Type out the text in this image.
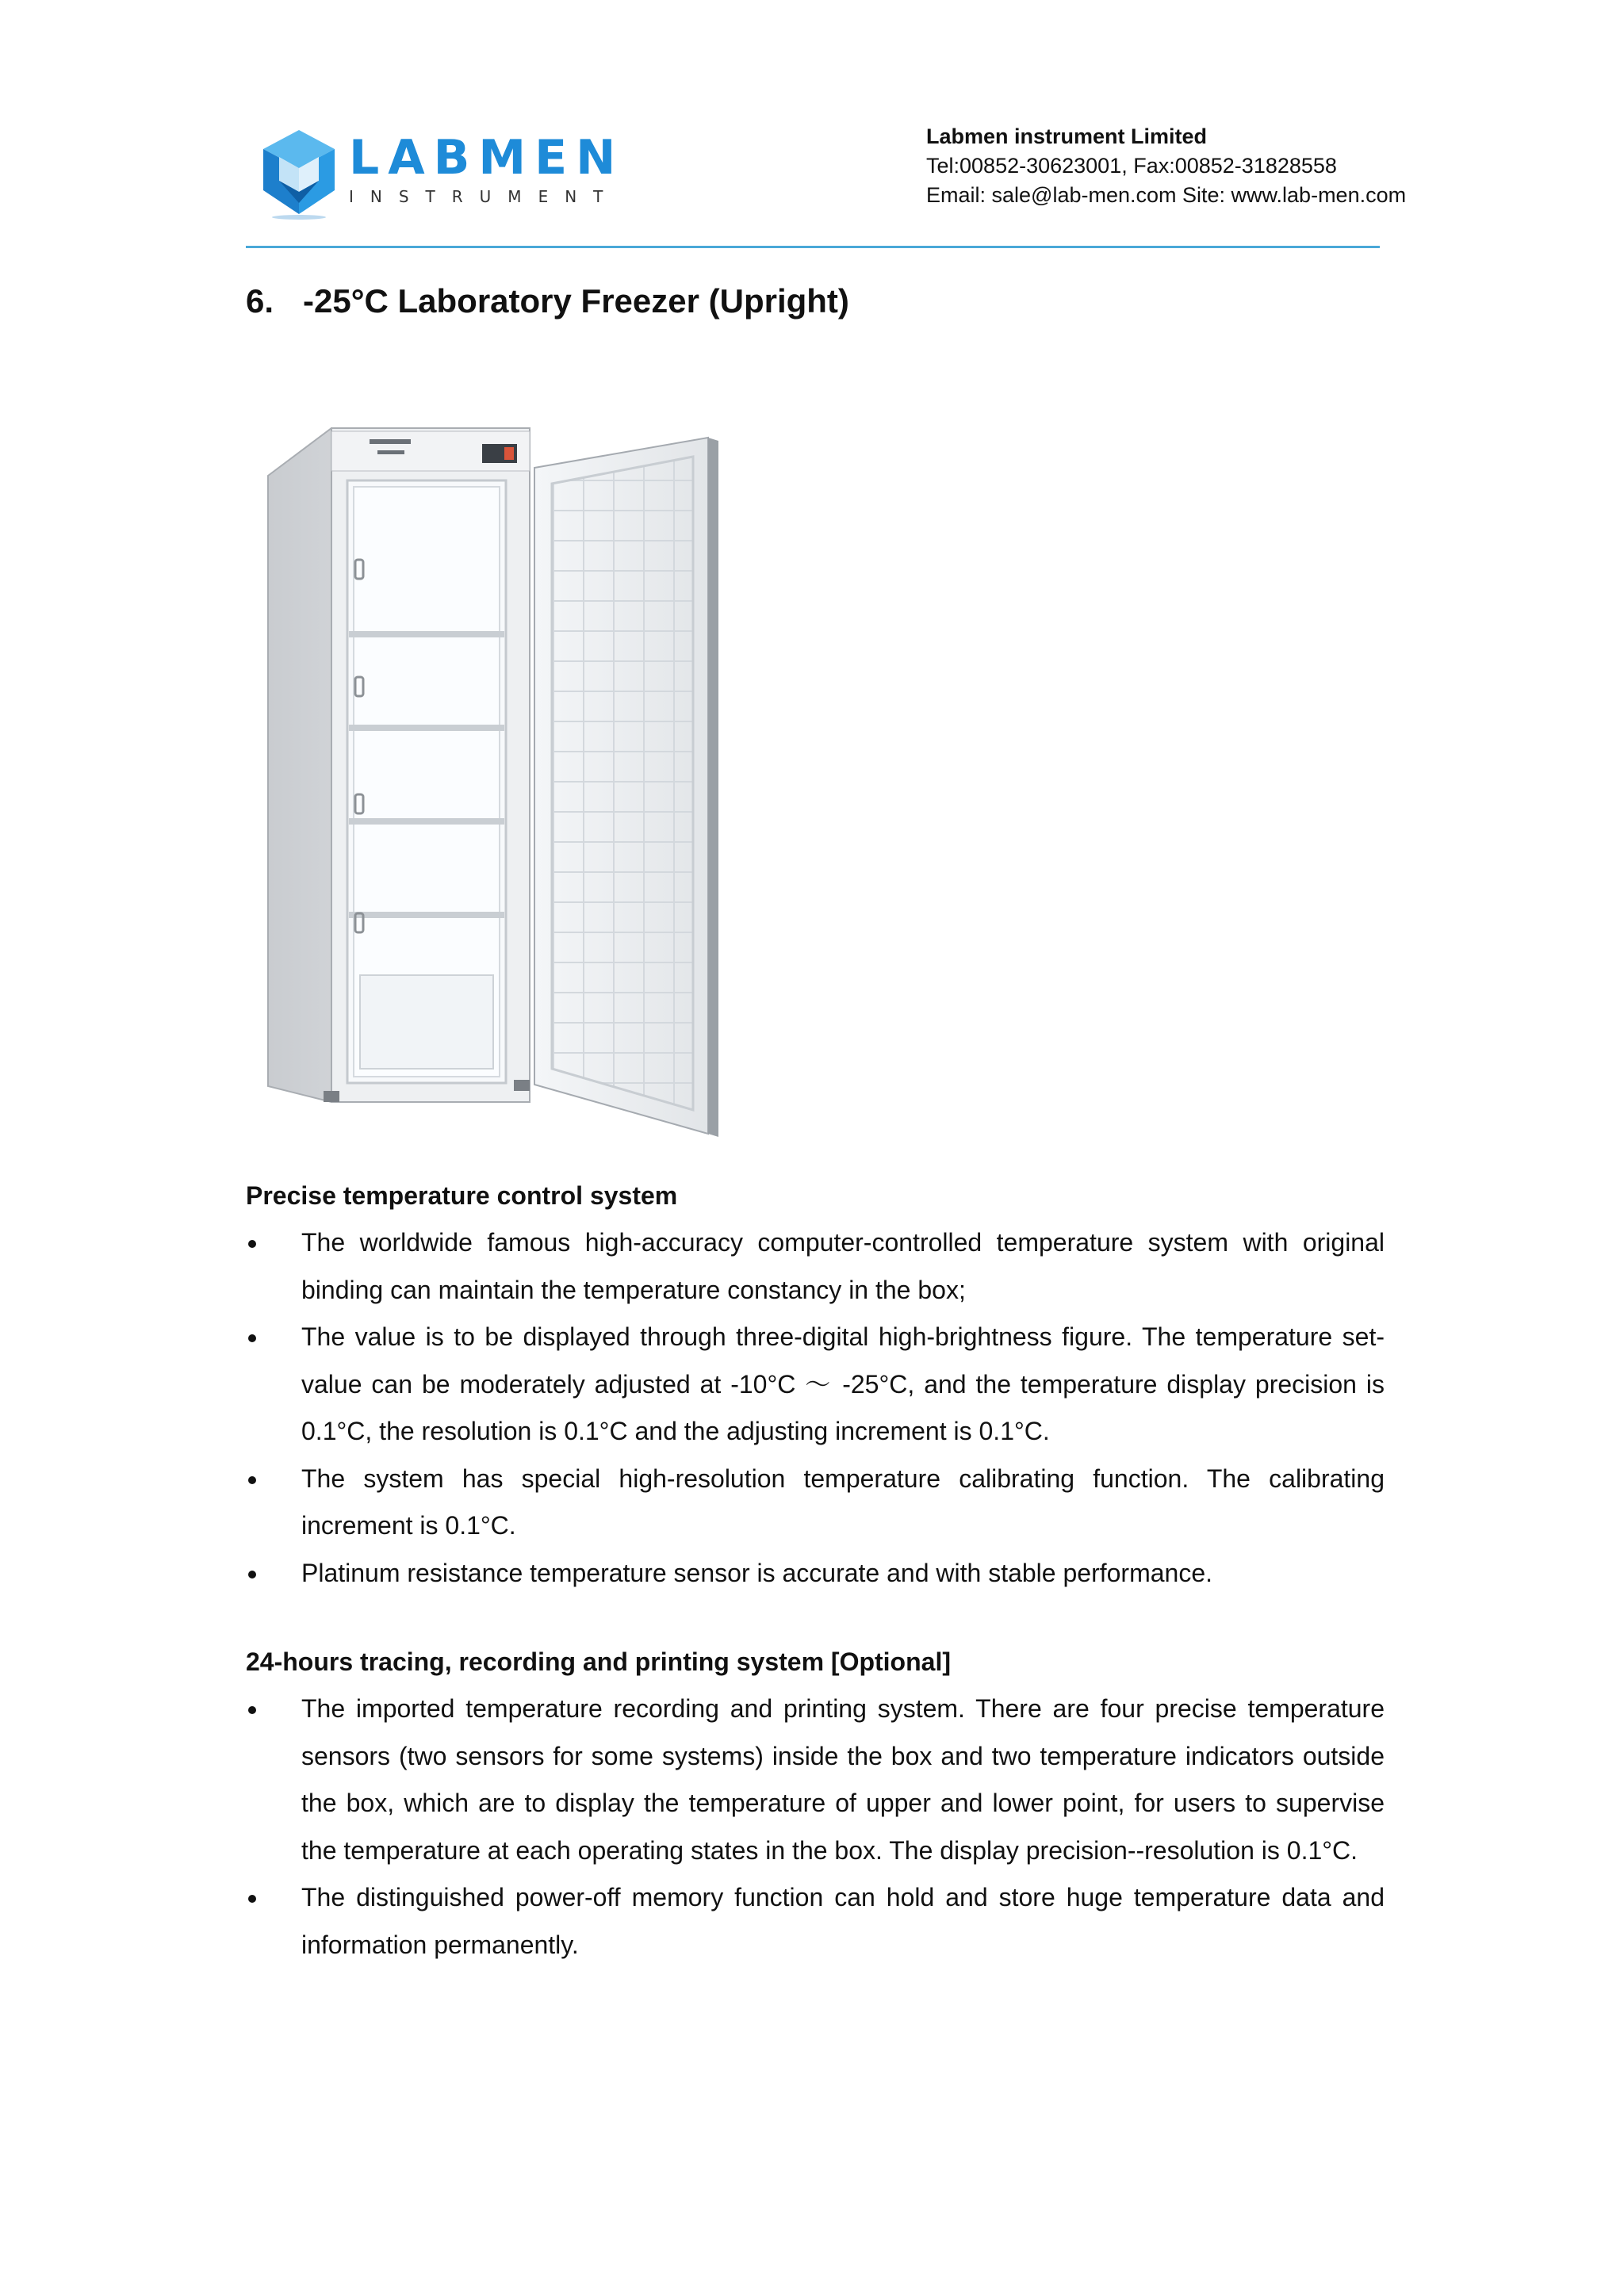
LABMEN
INSTRUMENT
Labmen instrument Limited
Tel:00852-30623001, Fax:00852-31828558
Email: sale@lab-men.com Site: www.lab-men.com
6. -25°C Laboratory Freezer (Upright)
Precise temperature control system
The worldwide famous high-accuracy computer-controlled temperature system with original binding can maintain the temperature constancy in the box;
The value is to be displayed through three-digital high-brightness figure. The temperature set-value can be moderately adjusted at -10°C ～ -25°C, and the temperature display precision is 0.1°C, the resolution is 0.1°C and the adjusting increment is 0.1°C.
The system has special high-resolution temperature calibrating function. The calibrating increment is 0.1°C.
Platinum resistance temperature sensor is accurate and with stable performance.
24-hours tracing, recording and printing system [Optional]
The imported temperature recording and printing system. There are four precise temperature sensors (two sensors for some systems) inside the box and two temperature indicators outside the box, which are to display the temperature of upper and lower point, for users to supervise the temperature at each operating states in the box. The display precision--resolution is 0.1°C.
The distinguished power-off memory function can hold and store huge temperature data and information permanently.
